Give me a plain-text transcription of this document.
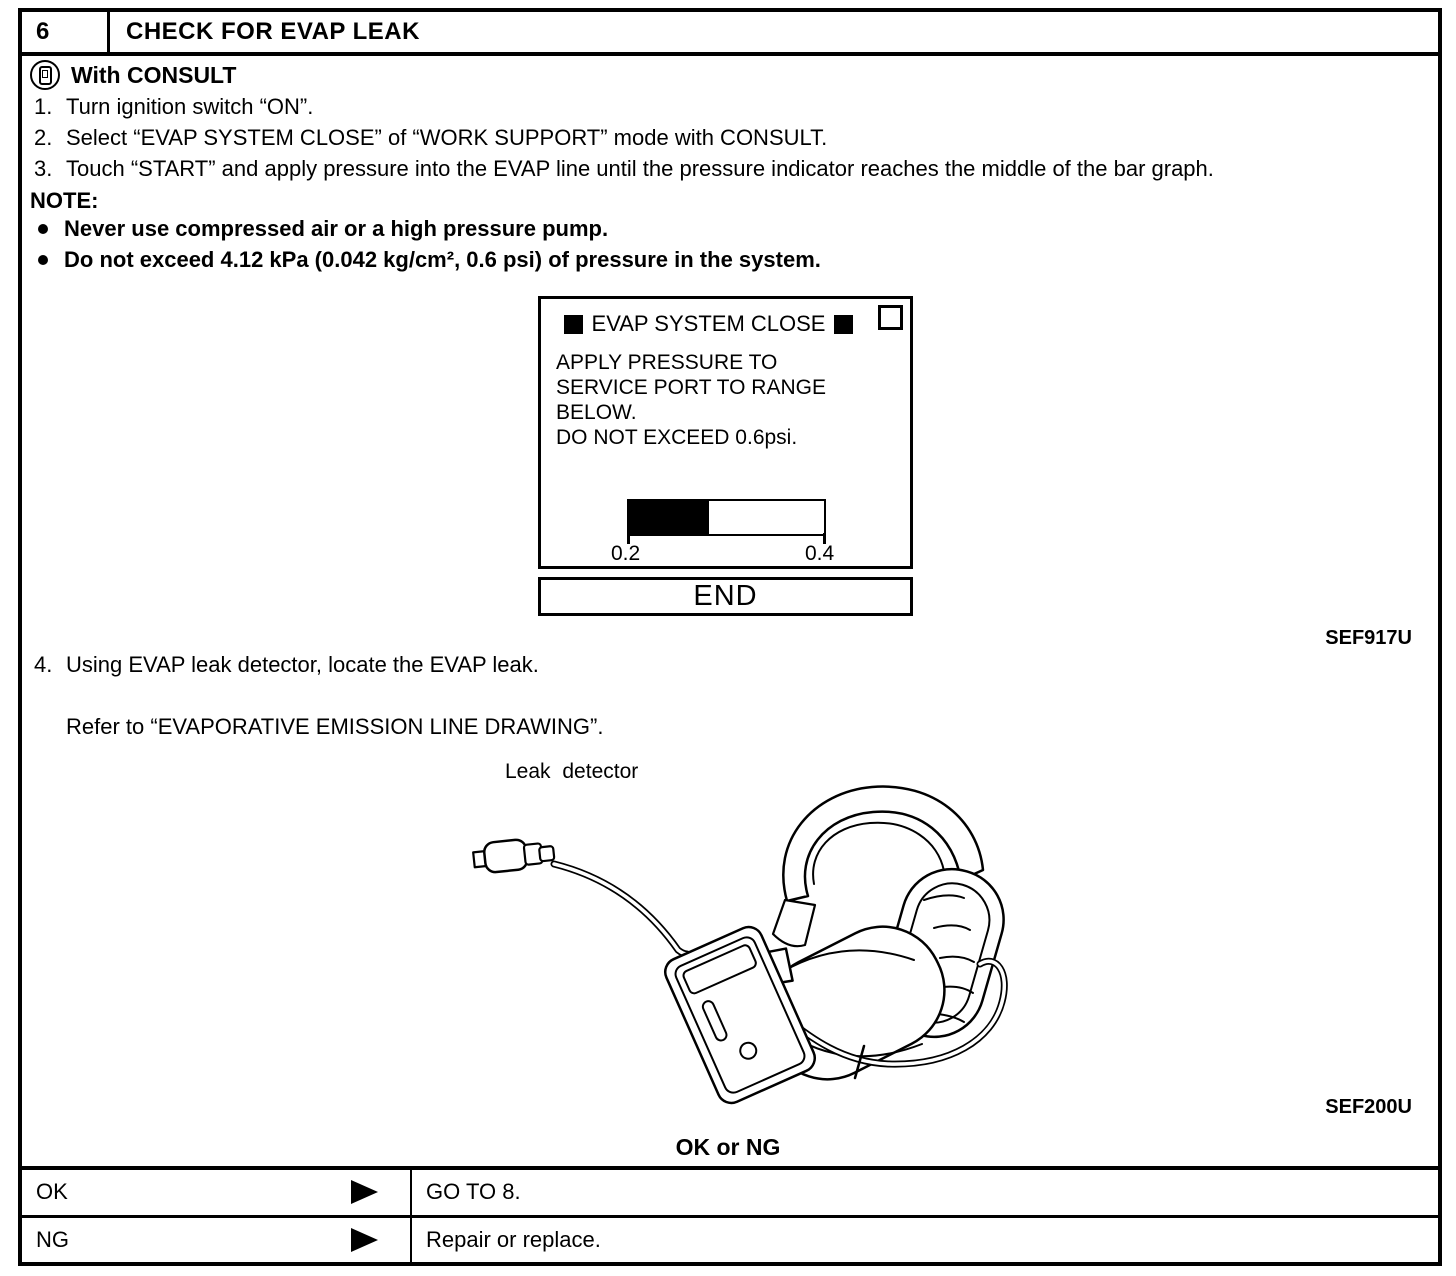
6	CHECK FOR EVAP LEAK
With CONSULT
1. Turn ignition switch “ON”.
2. Select “EVAP SYSTEM CLOSE” of “WORK SUPPORT” mode with CONSULT.
3. Touch “START” and apply pressure into the EVAP line until the pressure indicator reaches the middle of the bar graph.
NOTE:
Never use compressed air or a high pressure pump.
Do not exceed 4.12 kPa (0.042 kg/cm², 0.6 psi) of pressure in the system.
EVAP SYSTEM CLOSE
APPLY PRESSURE TO
SERVICE PORT TO RANGE
BELOW.
DO NOT EXCEED 0.6psi.
0.2	0.4
END
SEF917U
4. Using EVAP leak detector, locate the EVAP leak.
Refer to “EVAPORATIVE EMISSION LINE DRAWING”.
Leak detector
SEF200U
OK or NG
OK	GO TO 8.
NG	Repair or replace.
